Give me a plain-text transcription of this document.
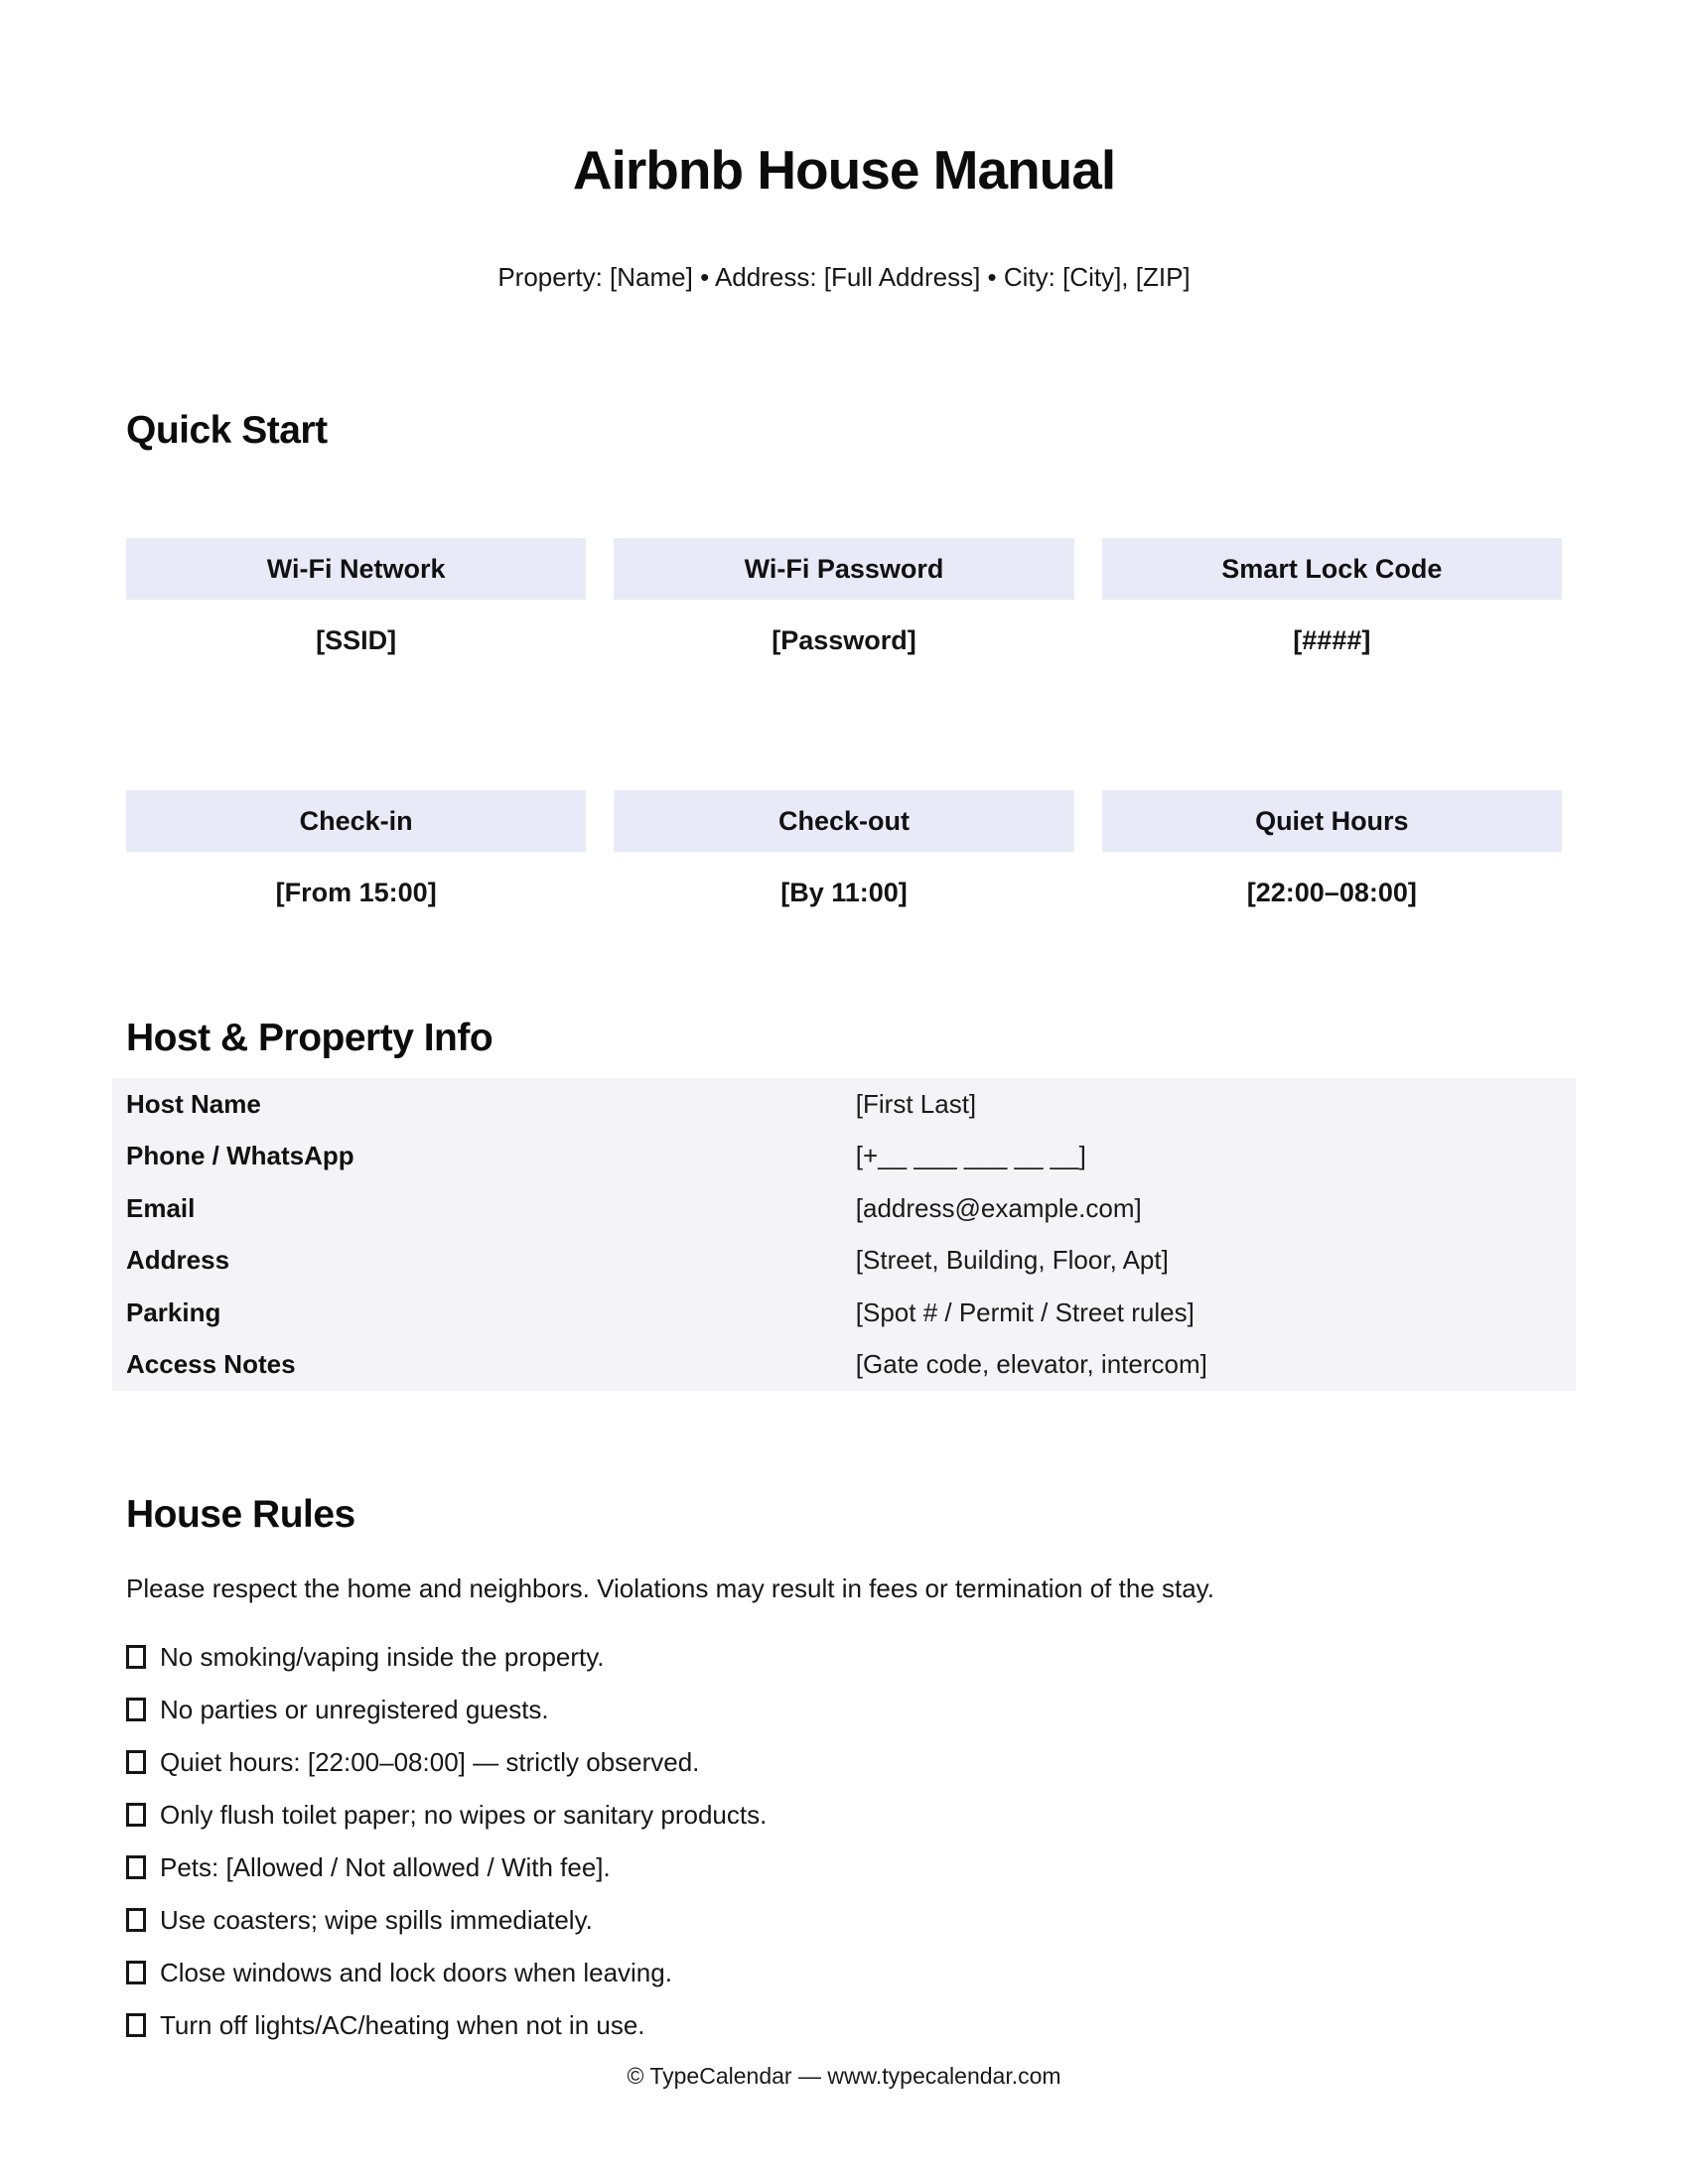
Airbnb House Manual
Property: [Name] • Address: [Full Address] • City: [City], [ZIP]
Quick Start
Wi-Fi Network	Wi-Fi Password	Smart Lock Code
[SSID]	[Password]	[####]
Check-in	Check-out	Quiet Hours
[From 15:00]	[By 11:00]	[22:00–08:00]
Host & Property Info
Host Name	[First Last]
Phone / WhatsApp	[+__ ___ ___ __ __]
Email	[address@example.com]
Address	[Street, Building, Floor, Apt]
Parking	[Spot # / Permit / Street rules]
Access Notes	[Gate code, elevator, intercom]
House Rules

Please respect the home and neighbors. Violations may result in fees or termination of the stay.

No smoking/vaping inside the property.
No parties or unregistered guests.
Quiet hours: [22:00–08:00] — strictly observed.
Only flush toilet paper; no wipes or sanitary products.
Pets: [Allowed / Not allowed / With fee].
Use coasters; wipe spills immediately.
Close windows and lock doors when leaving.
Turn off lights/AC/heating when not in use.
© TypeCalendar — www.typecalendar.com
